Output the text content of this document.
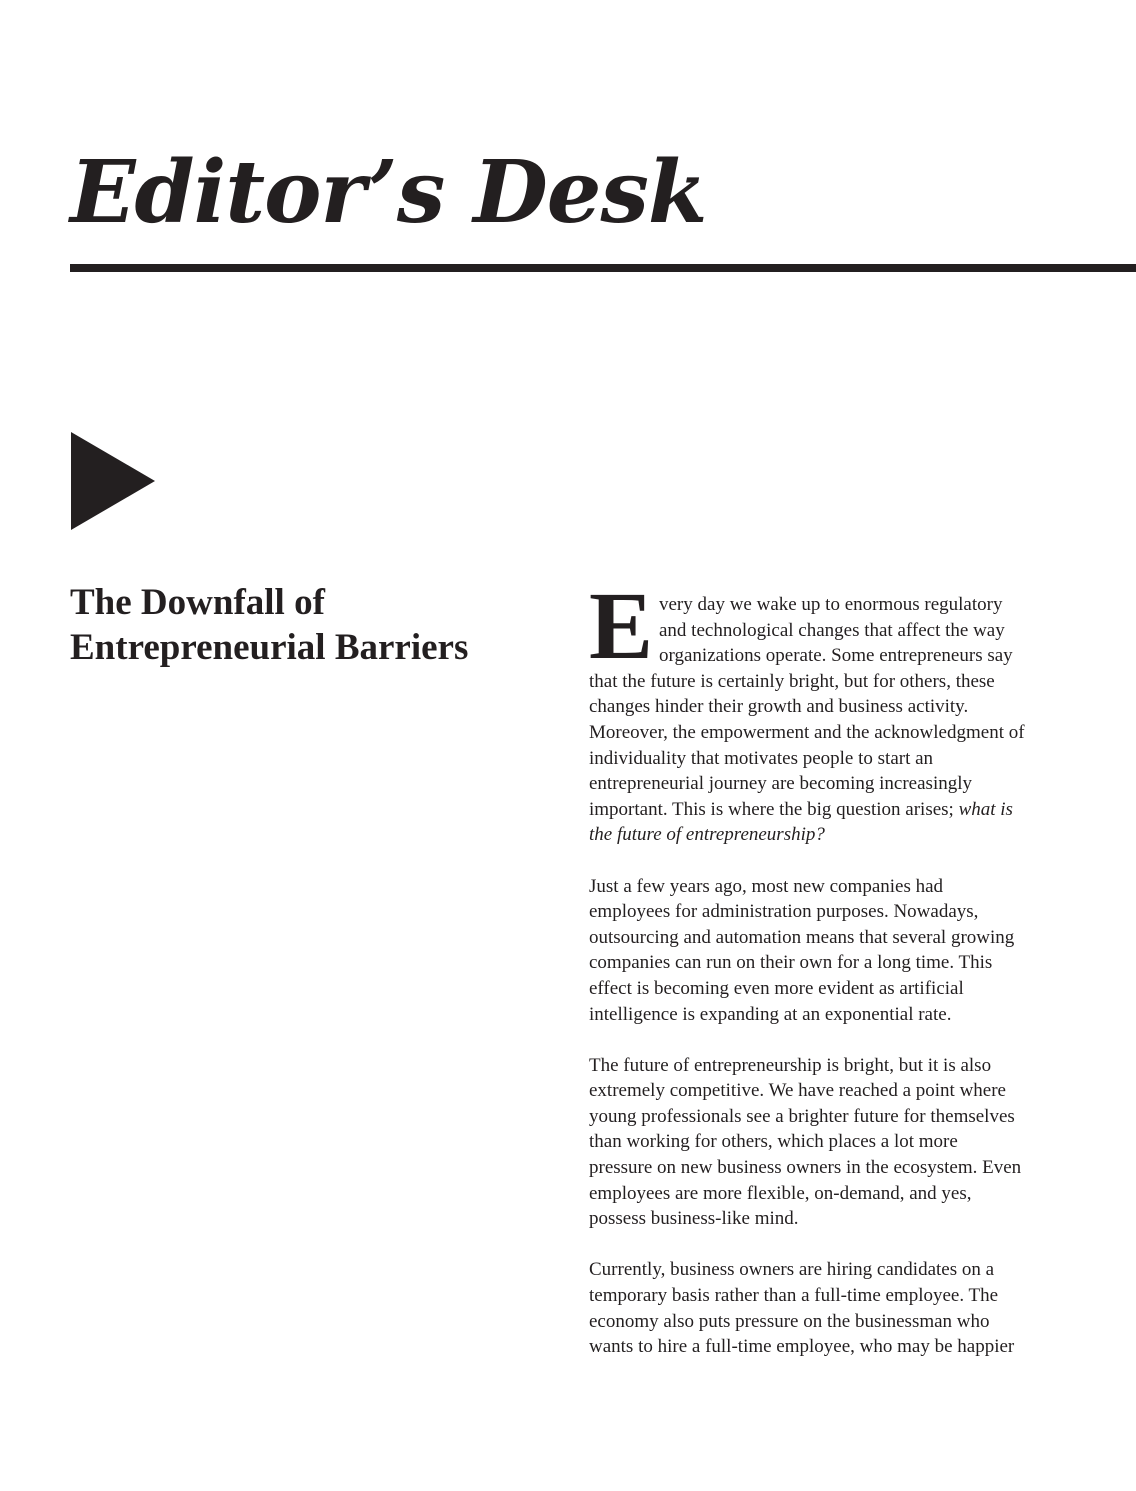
Editor’s Desk
The Downfall of
Entrepreneurial Barriers	E very day we wake up to enormous regulatory
and technological changes that affect the way
organizations operate. Some entrepreneurs say
that the future is certainly bright, but for others, these
changes hinder their growth and business activity.
Moreover, the empowerment and the acknowledgment of
individuality that motivates people to start an
entrepreneurial journey are becoming increasingly
important. This is where the big question arises; what is
the future of entrepreneurship?

Just a few years ago, most new companies had
employees for administration purposes. Nowadays,
outsourcing and automation means that several growing
companies can run on their own for a long time. This
effect is becoming even more evident as artificial
intelligence is expanding at an exponential rate.

The future of entrepreneurship is bright, but it is also
extremely competitive. We have reached a point where
young professionals see a brighter future for themselves
than working for others, which places a lot more
pressure on new business owners in the ecosystem. Even
employees are more flexible, on-demand, and yes,
possess business-like mind.

Currently, business owners are hiring candidates on a
temporary basis rather than a full-time employee. The
economy also puts pressure on the businessman who
wants to hire a full-time employee, who may be happier
